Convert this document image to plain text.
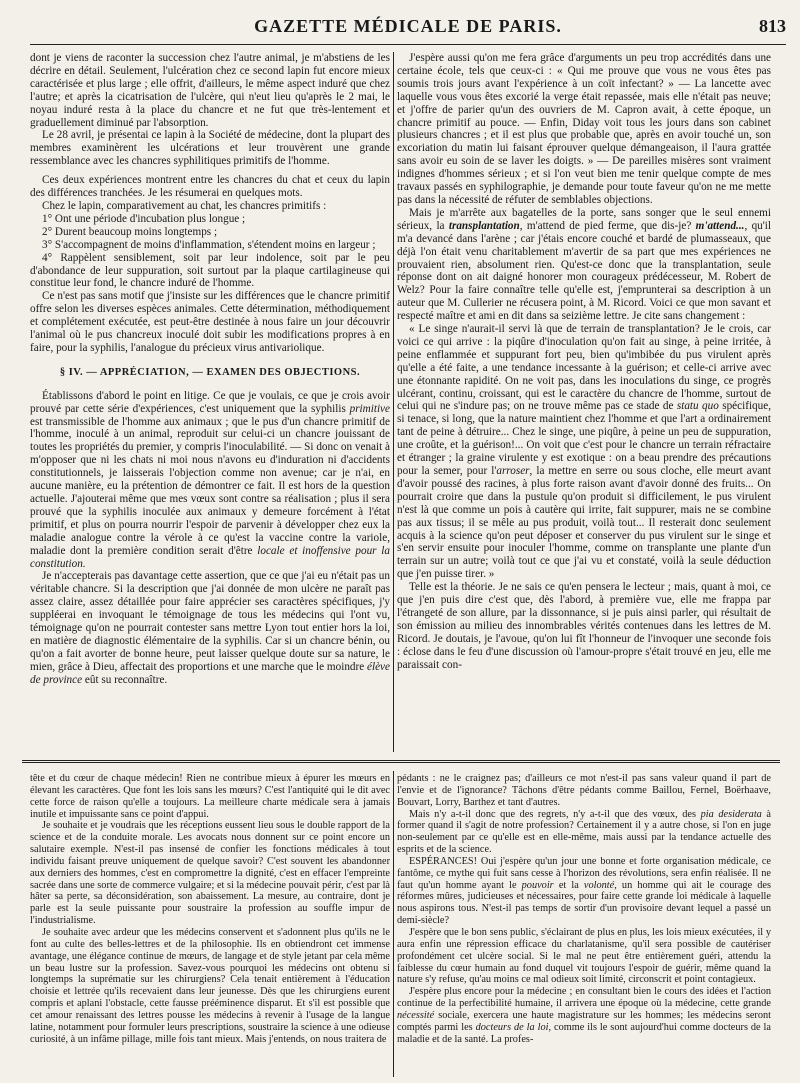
GAZETTE MÉDICALE DE PARIS.	813

dont je viens de raconter la succession chez l'autre animal, je m'abstiens de les décrire en détail. Seulement, l'ulcération chez ce second lapin fut encore mieux caractérisée et plus large ; elle offrit, d'ailleurs, le même aspect induré que chez l'autre; et après la cicatrisation de l'ulcère, qui n'eut lieu qu'après le 2 mai, le noyau induré resta à la place du chancre et ne fut que très-lentement et graduellement diminué par l'absorption.

Le 28 avril, je présentai ce lapin à la Société de médecine, dont la plupart des membres examinèrent les ulcérations et leur trouvèrent une grande ressemblance avec les chancres syphilitiques primitifs de l'homme.

Ces deux expériences montrent entre les chancres du chat et ceux du lapin des différences tranchées. Je les résumerai en quelques mots.

Chez le lapin, comparativement au chat, les chancres primitifs :

1° Ont une période d'incubation plus longue ;

2° Durent beaucoup moins longtemps ;

3° S'accompagnent de moins d'inflammation, s'étendent moins en largeur ;

4° Rappèlent sensiblement, soit par leur indolence, soit par le peu d'abondance de leur suppuration, soit surtout par la plaque cartilagineuse qui constitue leur fond, le chancre induré de l'homme.

Ce n'est pas sans motif que j'insiste sur les différences que le chancre primitif offre selon les diverses espèces animales. Cette détermination, méthodiquement et complétement exécutée, est peut-être destinée à nous faire un jour découvrir l'animal où le pus chancreux inoculé doit subir les modifications propres à en faire, pour la syphilis, l'analogue du précieux virus antivariolique.

§ IV. — APPRÉCIATION, — EXAMEN DES OBJECTIONS.

Établissons d'abord le point en litige. Ce que je voulais, ce que je crois avoir prouvé par cette série d'expériences, c'est uniquement que la syphilis primitive est transmissible de l'homme aux animaux ; que le pus d'un chancre primitif de l'homme, inoculé à un animal, reproduit sur celui-ci un chancre jouissant de toutes les propriétés du premier, y compris l'inoculabilité. — Si donc on venait à m'opposer que ni les chats ni moi nous n'avons eu d'induration ni d'accidents constitutionnels, je laisserais l'objection comme non avenue; car je n'ai, en aucune manière, eu la prétention de démontrer ce fait. Il est hors de la question actuelle. J'ajouterai même que mes vœux sont contre sa réalisation ; plus il sera prouvé que la syphilis inoculée aux animaux y demeure forcément à l'état primitif, et plus on pourra nourrir l'espoir de parvenir à développer chez eux la maladie analogue contre la vérole à ce qu'est la vaccine contre la variole, maladie dont la première condition serait d'être locale et inoffensive pour la constitution.

Je n'accepterais pas davantage cette assertion, que ce que j'ai eu n'était pas un véritable chancre. Si la description que j'ai donnée de mon ulcère ne paraît pas assez claire, assez détaillée pour faire apprécier ses caractères spécifiques, j'y suppléerai en invoquant le témoignage de tous les médecins qui l'ont vu, témoignage qu'on ne pourrait contester sans mettre Lyon tout entier hors la loi, en matière de diagnostic élémentaire de la syphilis. Car si un chancre bénin, ou qu'on a fait avorter de bonne heure, peut laisser quelque doute sur sa nature, le mien, grâce à Dieu, affectait des proportions et une marche que le moindre élève de province eût su reconnaître.

J'espère aussi qu'on me fera grâce d'arguments un peu trop accrédités dans une certaine école, tels que ceux-ci : « Qui me prouve que vous ne vous êtes pas soumis trois jours avant l'expérience à un coït infectant? » — La lancette avec laquelle vous vous êtes excorié la verge était repassée, mais elle n'était pas neuve; et j'offre de parier qu'un des ouvriers de M. Capron avait, à cette époque, un chancre primitif au pouce. — Enfin, Diday voit tous les jours dans son cabinet plusieurs chancres ; et il est plus que probable que, après en avoir touché un, son excoriation du matin lui faisant éprouver quelque démangeaison, il l'aura grattée sans avoir eu soin de se laver les doigts. » — De pareilles misères sont vraiment indignes d'hommes sérieux ; et si l'on veut bien me tenir quelque compte de mes travaux passés en syphilographie, je demande pour toute faveur qu'on ne me mette pas dans la nécessité de réfuter de semblables objections.

Mais je m'arrête aux bagatelles de la porte, sans songer que le seul ennemi sérieux, la transplantation, m'attend de pied ferme, que dis-je? m'attend..., qu'il m'a devancé dans l'arène ; car j'étais encore couché et bardé de plumasseaux, que déjà l'on était venu charitablement m'avertir de sa part que mes expériences ne prouvaient rien, absolument rien. Qu'est-ce donc que la transplantation, seule réponse dont on ait daigné honorer mon courageux prédécesseur, M. Robert de Welz? Pour la faire connaître telle qu'elle est, j'emprunterai sa description à un auteur que M. Cullerier ne récusera point, à M. Ricord. Voici ce que mon savant et respecté maître et ami en dit dans sa seizième lettre. Je cite sans changement :

« Le singe n'aurait-il servi là que de terrain de transplantation? Je le crois, car voici ce qui arrive : la piqûre d'inoculation qu'on fait au singe, à peine irritée, à peine enflammée et suppurant fort peu, bien qu'imbibée du pus virulent après qu'elle a été faite, a une tendance incessante à la guérison; et celle-ci arrive avec une étonnante rapidité. On ne voit pas, dans les inoculations du singe, ce progrès ulcérant, continu, croissant, qui est le caractère du chancre de l'homme, surtout de celui qui ne s'indure pas; on ne trouve même pas ce stade de statu quo spécifique, si tenace, si long, que la nature maintient chez l'homme et que l'art a ordinairement tant de peine à détruire... Chez le singe, une piqûre, à peine un peu de suppuration, une croûte, et la guérison!... On voit que c'est pour le chancre un terrain réfractaire et étranger ; la graine virulente y est exotique : on a beau prendre des précautions pour la semer, pour l'arroser, la mettre en serre ou sous cloche, elle meurt avant d'avoir poussé des racines, à plus forte raison avant d'avoir donné des fruits... On pourrait croire que dans la pustule qu'on produit si difficilement, le pus virulent n'est là que comme un pois à cautère qui irrite, fait suppurer, mais ne se combine pas aux tissus; il se mêle au pus produit, voilà tout... Il resterait donc seulement acquis à la science qu'on peut déposer et conserver du pus virulent sur le singe et s'en servir ensuite pour inoculer l'homme, comme on transplante une plante d'un terrain sur un autre; voilà tout ce que j'ai vu et constaté, voilà la seule déduction que j'en puisse tirer. »

Telle est la théorie. Je ne sais ce qu'en pensera le lecteur ; mais, quant à moi, ce que j'en puis dire c'est que, dès l'abord, à première vue, elle me frappa par l'étrangeté de son allure, par la dissonnance, si je puis ainsi parler, qui résultait de son émission au milieu des innombrables vérités contenues dans les lettres de M. Ricord. Je doutais, je l'avoue, qu'on lui fît l'honneur de l'invoquer une seconde fois : éclose dans le feu d'une discussion où l'amour-propre s'était trouvé en jeu, elle me paraissait con-

tête et du cœur de chaque médecin! Rien ne contribue mieux à épurer les mœurs en élevant les caractères. Que font les lois sans les mœurs? C'est l'antiquité qui le dit avec cette force de raison qu'elle a toujours. La meilleure charte médicale sera à jamais inutile et impuissante sans ce point d'appui.

Je souhaite et je voudrais que les réceptions eussent lieu sous le double rapport de la science et de la conduite morale. Les avocats nous donnent sur ce point encore un salutaire exemple. N'est-il pas insensé de confier les fonctions médicales à tout individu faisant preuve uniquement de quelque savoir? C'est souvent les abandonner aux derniers des hommes, c'est en compromettre la dignité, c'est en effacer l'empreinte sacrée dans une sorte de commerce vulgaire; et si la médecine pouvait périr, c'est par là hâter sa perte, sa déconsidération, son abaissement. La mesure, au contraire, dont je parle est la seule puissante pour soustraire la profession au souffle impur de l'industrialisme.

Je souhaite avec ardeur que les médecins conservent et s'adonnent plus qu'ils ne le font au culte des belles-lettres et de la philosophie. Ils en obtiendront cet immense avantage, une élégance continue de mœurs, de langage et de style jetant par cela même un beau lustre sur la profession. Savez-vous pourquoi les médecins ont obtenu si longtemps la suprématie sur les chirurgiens? Cela tenait entièrement à l'éducation choisie et lettrée qu'ils recevaient dans leur jeunesse. Dès que les chirurgiens eurent compris et aplani l'obstacle, cette fausse prééminence disparut. Et s'il est possible que cet amour renaissant des lettres pousse les médecins à revenir à l'usage de la langue latine, notamment pour formuler leurs prescriptions, soustraire la science à une odieuse curiosité, à un infâme pillage, mille fois tant mieux. Mais j'entends, on nous traitera de

pédants : ne le craignez pas; d'ailleurs ce mot n'est-il pas sans valeur quand il part de l'envie et de l'ignorance? Tâchons d'être pédants comme Baillou, Fernel, Boërhaave, Bouvart, Lorry, Barthez et tant d'autres.

Mais n'y a-t-il donc que des regrets, n'y a-t-il que des vœux, des pia desiderata à former quand il s'agit de notre profession? Certainement il y a autre chose, si l'on en juge non-seulement par ce qu'elle est en elle-même, mais aussi par la tendance actuelle des esprits et de la science.

ESPÉRANCES! Oui j'espère qu'un jour une bonne et forte organisation médicale, ce fantôme, ce mythe qui fuit sans cesse à l'horizon des révolutions, sera enfin réalisée. Il ne faut qu'un homme ayant le pouvoir et la volonté, un homme qui ait le courage des réformes mûres, judicieuses et nécessaires, pour faire cette grande loi médicale à laquelle nous aspirons tous. N'est-il pas temps de sortir d'un provisoire devant lequel a passé un demi-siècle?

J'espère que le bon sens public, s'éclairant de plus en plus, les lois mieux exécutées, il y aura enfin une répression efficace du charlatanisme, qu'il sera possible de cautériser profondément cet ulcère social. Si le mal ne peut être entièrement guéri, attendu la faiblesse du cœur humain au fond duquel vit toujours l'espoir de guérir, même quand la nature s'y refuse, qu'au moins ce mal odieux soit limité, circonscrit et point contagieux.

J'espère plus encore pour la médecine ; en consultant bien le cours des idées et l'action continue de la perfectibilité humaine, il arrivera une époque où la médecine, cette grande nécessité sociale, exercera une haute magistrature sur les hommes; les médecins seront comptés parmi les docteurs de la loi, comme ils le sont aujourd'hui comme docteurs de la maladie et de la santé. La profes-
